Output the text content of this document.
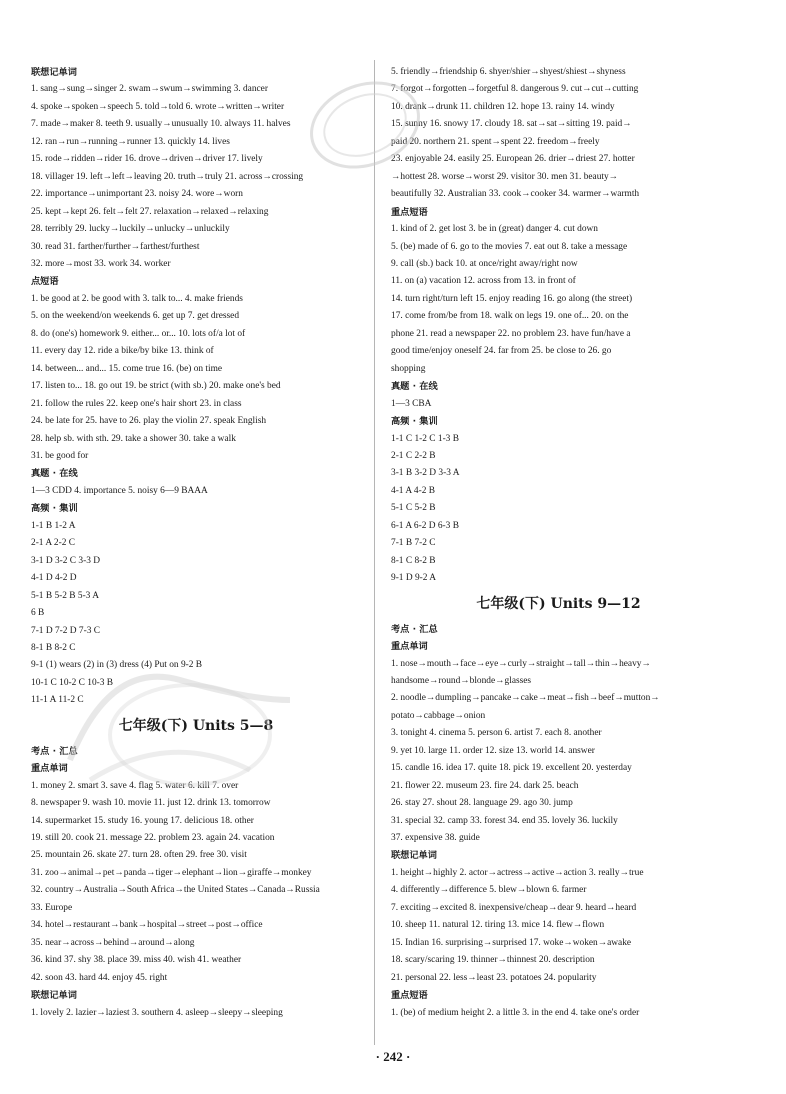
联想记单词
1. sang→sung→singer 2. swam→swum→swimming 3. dancer
4. spoke→spoken→speech 5. told→told 6. wrote→written→writer
7. made→maker 8. teeth 9. usually→unusually 10. always 11. halves
12. ran→run→running→runner 13. quickly 14. lives
15. rode→ridden→rider 16. drove→driven→driver 17. lively
18. villager 19. left→left→leaving 20. truth→truly 21. across→crossing
22. importance→unimportant 23. noisy 24. wore→worn
25. kept→kept 26. felt→felt 27. relaxation→relaxed→relaxing
28. terribly 29. lucky→luckily→unlucky→unluckily
30. read 31. farther/further→farthest/furthest
32. more→most 33. work 34. worker
点短语
1. be good at 2. be good with 3. talk to... 4. make friends
5. on the weekend/on weekends 6. get up 7. get dressed
8. do (one's) homework 9. either... or... 10. lots of/a lot of
11. every day 12. ride a bike/by bike 13. think of
14. between... and... 15. come true 16. (be) on time
17. listen to... 18. go out 19. be strict (with sb.) 20. make one's bed
21. follow the rules 22. keep one's hair short 23. in class
24. be late for 25. have to 26. play the violin 27. speak English
28. help sb. with sth. 29. take a shower 30. take a walk
31. be good for
真题 · 在线
1—3 CDD 4. importance 5. noisy 6—9 BAAA
高频 · 集训
1-1 B 1-2 A
2-1 A 2-2 C
3-1 D 3-2 C 3-3 D
4-1 D 4-2 D
5-1 B 5-2 B 5-3 A
6 B
7-1 D 7-2 D 7-3 C
8-1 B 8-2 C
9-1 (1) wears (2) in (3) dress (4) Put on 9-2 B
10-1 C 10-2 C 10-3 B
11-1 A 11-2 C
七年级(下) Units 5—8
考点 · 汇总
重点单词
1. money 2. smart 3. save 4. flag 5. water 6. kill 7. over
8. newspaper 9. wash 10. movie 11. just 12. drink 13. tomorrow
14. supermarket 15. study 16. young 17. delicious 18. other
19. still 20. cook 21. message 22. problem 23. again 24. vacation
25. mountain 26. skate 27. turn 28. often 29. free 30. visit
31. zoo→animal→pet→panda→tiger→elephant→lion→giraffe→monkey
32. country→Australia→South Africa→the United States→Canada→Russia
33. Europe
34. hotel→restaurant→bank→hospital→street→post→office
35. near→across→behind→around→along
36. kind 37. shy 38. place 39. miss 40. wish 41. weather
42. soon 43. hard 44. enjoy 45. right
联想记单词
1. lovely 2. lazier→laziest 3. southern 4. asleep→sleepy→sleeping
5. friendly→friendship 6. shyer/shier→shyest/shiest→shyness
7. forgot→forgotten→forgetful 8. dangerous 9. cut→cut→cutting
10. drank→drunk 11. children 12. hope 13. rainy 14. windy
15. sunny 16. snowy 17. cloudy 18. sat→sat→sitting 19. paid→
paid 20. northern 21. spent→spent 22. freedom→freely
23. enjoyable 24. easily 25. European 26. drier→driest 27. hotter
→hottest 28. worse→worst 29. visitor 30. men 31. beauty→
beautifully 32. Australian 33. cook→cooker 34. warmer→warmth
重点短语
1. kind of 2. get lost 3. be in (great) danger 4. cut down
5. (be) made of 6. go to the movies 7. eat out 8. take a message
9. call (sb.) back 10. at once/right away/right now
11. on (a) vacation 12. across from 13. in front of
14. turn right/turn left 15. enjoy reading 16. go along (the street)
17. come from/be from 18. walk on legs 19. one of... 20. on the
phone 21. read a newspaper 22. no problem 23. have fun/have a
good time/enjoy oneself 24. far from 25. be close to 26. go
shopping
真题 · 在线
1—3 CBA
高频 · 集训
1-1 C 1-2 C 1-3 B
2-1 C 2-2 B
3-1 B 3-2 D 3-3 A
4-1 A 4-2 B
5-1 C 5-2 B
6-1 A 6-2 D 6-3 B
7-1 B 7-2 C
8-1 C 8-2 B
9-1 D 9-2 A
七年级(下) Units 9—12
考点 · 汇总
重点单词
1. nose→mouth→face→eye→curly→straight→tall→thin→heavy→
handsome→round→blonde→glasses
2. noodle→dumpling→pancake→cake→meat→fish→beef→mutton→
potato→cabbage→onion
3. tonight 4. cinema 5. person 6. artist 7. each 8. another
9. yet 10. large 11. order 12. size 13. world 14. answer
15. candle 16. idea 17. quite 18. pick 19. excellent 20. yesterday
21. flower 22. museum 23. fire 24. dark 25. beach
26. stay 27. shout 28. language 29. ago 30. jump
31. special 32. camp 33. forest 34. end 35. lovely 36. luckily
37. expensive 38. guide
联想记单词
1. height→highly 2. actor→actress→active→action 3. really→true
4. differently→difference 5. blew→blown 6. farmer
7. exciting→excited 8. inexpensive/cheap→dear 9. heard→heard
10. sheep 11. natural 12. tiring 13. mice 14. flew→flown
15. Indian 16. surprising→surprised 17. woke→woken→awake
18. scary/scaring 19. thinner→thinnest 20. description
21. personal 22. less→least 23. potatoes 24. popularity
重点短语
1. (be) of medium height 2. a little 3. in the end 4. take one's order
· 242 ·
